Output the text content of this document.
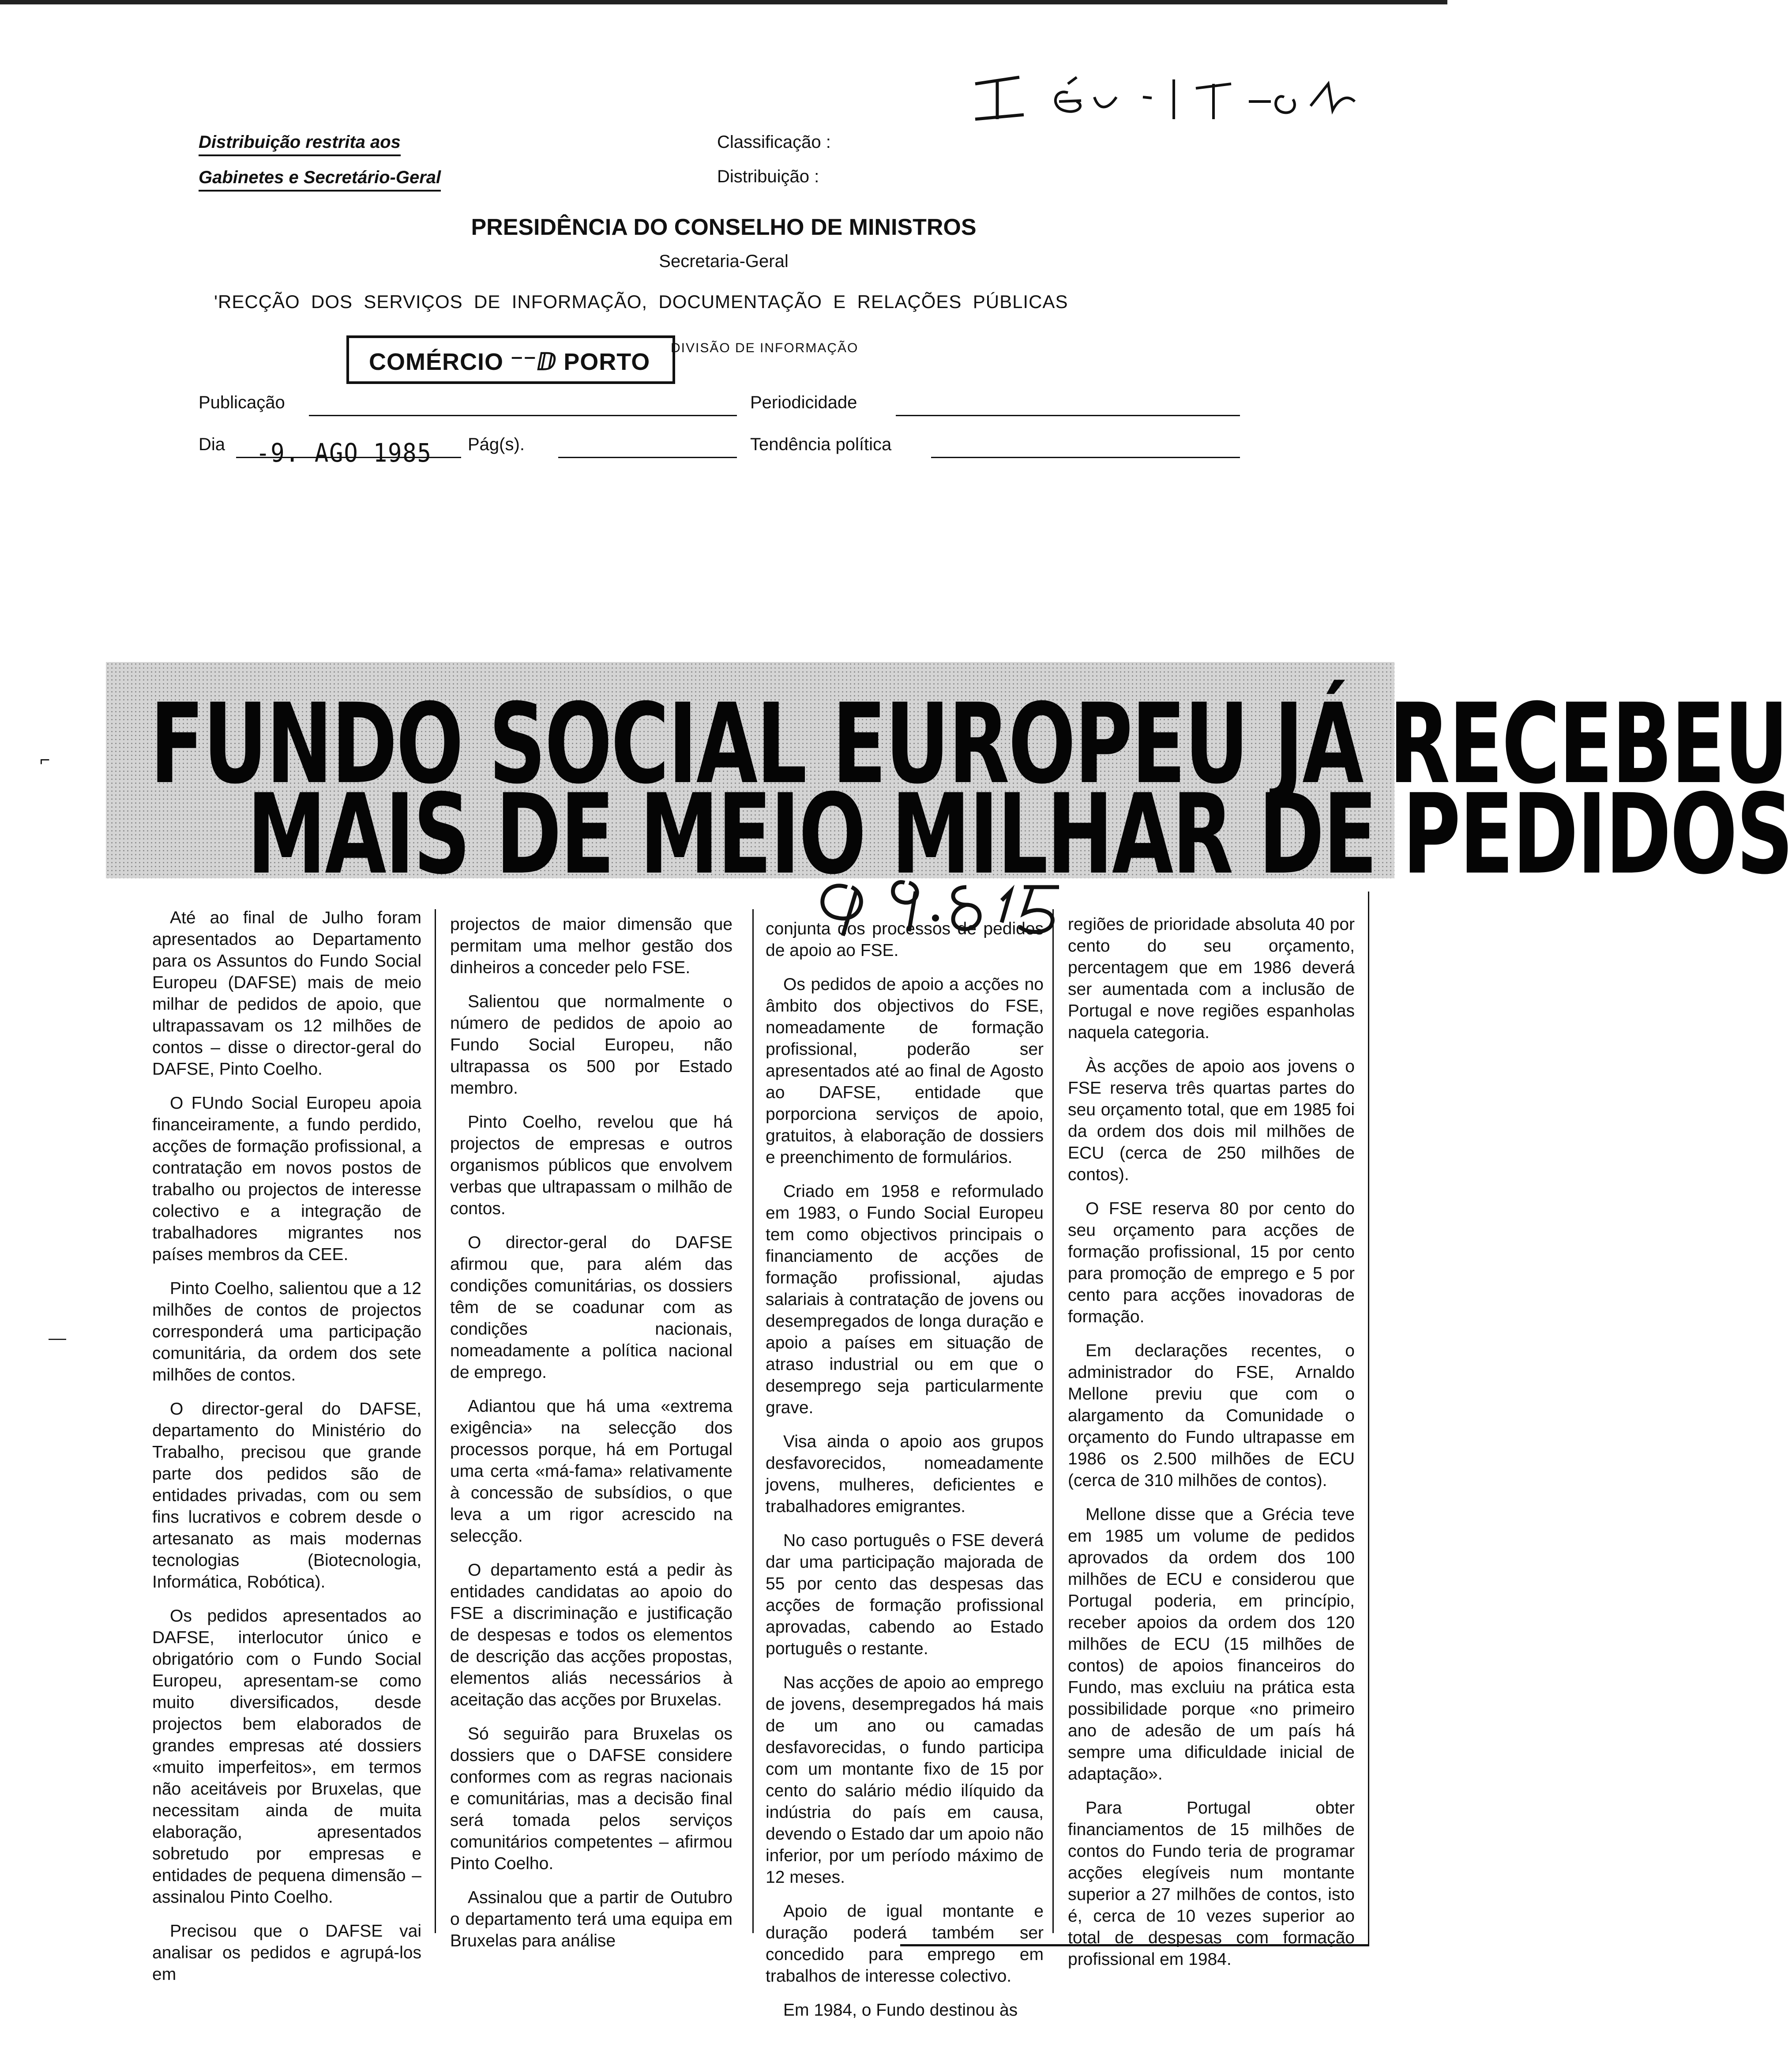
Distribuição restrita aos
Gabinetes e Secretário-Geral
Classificação :
Distribuição :
PRESIDÊNCIA DO CONSELHO DE MINISTROS
Secretaria-Geral
'RECÇÃO  DOS  SERVIÇOS  DE  INFORMAÇÃO,  DOCUMENTAÇÃO  E  RELAÇÕES  PÚBLICAS
COMÉRCIO ⁻⁻ⅅ PORTO
DIVISÃO DE INFORMAÇÃO
Publicação	Periodicidade
Dia -9. AGO 1985 Pág(s).	Tendência política
⌐
—
FUNDO SOCIAL EUROPEU JÁ RECEBEU
MAIS DE MEIO MILHAR DE PEDIDOS

Até ao final de Julho foram apresentados ao Departamento para os Assuntos do Fundo Social Europeu (DAFSE) mais de meio milhar de pedidos de apoio, que ultrapassavam os 12 milhões de contos – disse o director-geral do DAFSE, Pinto Coelho.

O FUndo Social Europeu apoia financeiramente, a fundo perdido, acções de formação profissional, a contratação em novos postos de trabalho ou projectos de interesse colectivo e a integração de trabalhadores migrantes nos países membros da CEE.

Pinto Coelho, salientou que a 12 milhões de contos de projectos corresponderá uma participação comunitária, da ordem dos sete milhões de contos.

O director-geral do DAFSE, departamento do Ministério do Trabalho, precisou que grande parte dos pedidos são de entidades privadas, com ou sem fins lucrativos e cobrem desde o artesanato as mais modernas tecnologias (Biotecnologia, Informática, Robótica).

Os pedidos apresentados ao DAFSE, interlocutor único e obrigatório com o Fundo Social Europeu, apresentam-se como muito diversificados, desde projectos bem elaborados de grandes empresas até dossiers «muito imperfeitos», em termos não aceitáveis por Bruxelas, que necessitam ainda de muita elaboração, apresentados sobretudo por empresas e entidades de pequena dimensão – assinalou Pinto Coelho.

Precisou que o DAFSE vai analisar os pedidos e agrupá-los em

projectos de maior dimensão que permitam uma melhor gestão dos dinheiros a conceder pelo FSE.

Salientou que normalmente o número de pedidos de apoio ao Fundo Social Europeu, não ultrapassa os 500 por Estado membro.

Pinto Coelho, revelou que há projectos de empresas e outros organismos públicos que envolvem verbas que ultrapassam o milhão de contos.

O director-geral do DAFSE afirmou que, para além das condições comunitárias, os dossiers têm de se coadunar com as condições nacionais, nomeadamente a política nacional de emprego.

Adiantou que há uma «extrema exigência» na selecção dos processos porque, há em Portugal uma certa «má-fama» relativamente à concessão de subsídios, o que leva a um rigor acrescido na selecção.

O departamento está a pedir às entidades candidatas ao apoio do FSE a discriminação e justificação de despesas e todos os elementos de descrição das acções propostas, elementos aliás necessários à aceitação das acções por Bruxelas.

Só seguirão para Bruxelas os dossiers que o DAFSE considere conformes com as regras nacionais e comunitárias, mas a decisão final será tomada pelos serviços comunitários competentes – afirmou Pinto Coelho.

Assinalou que a partir de Outubro o departamento terá uma equipa em Bruxelas para análise

conjunta dos processos de pedidos de apoio ao FSE.

Os pedidos de apoio a acções no âmbito dos objectivos do FSE, nomeadamente de formação profissional, poderão ser apresentados até ao final de Agosto ao DAFSE, entidade que porporciona serviços de apoio, gratuitos, à elaboração de dossiers e preenchimento de formulários.

Criado em 1958 e reformulado em 1983, o Fundo Social Europeu tem como objectivos principais o financiamento de acções de formação profissional, ajudas salariais à contratação de jovens ou desempregados de longa duração e apoio a países em situação de atraso industrial ou em que o desemprego seja particularmente grave.

Visa ainda o apoio aos grupos desfavorecidos, nomeadamente jovens, mulheres, deficientes e trabalhadores emigrantes.

No caso português o FSE deverá dar uma participação majorada de 55 por cento das despesas das acções de formação profissional aprovadas, cabendo ao Estado português o restante.

Nas acções de apoio ao emprego de jovens, desempregados há mais de um ano ou camadas desfavorecidas, o fundo participa com um montante fixo de 15 por cento do salário médio ilíquido da indústria do país em causa, devendo o Estado dar um apoio não inferior, por um período máximo de 12 meses.

Apoio de igual montante e duração poderá também ser concedido para emprego em trabalhos de interesse colectivo.

Em 1984, o Fundo destinou às

regiões de prioridade absoluta 40 por cento do seu orçamento, percentagem que em 1986 deverá ser aumentada com a inclusão de Portugal e nove regiões espanholas naquela categoria.

Às acções de apoio aos jovens o FSE reserva três quartas partes do seu orçamento total, que em 1985 foi da ordem dos dois mil milhões de ECU (cerca de 250 milhões de contos).

O FSE reserva 80 por cento do seu orçamento para acções de formação profissional, 15 por cento para promoção de emprego e 5 por cento para acções inovadoras de formação.

Em declarações recentes, o administrador do FSE, Arnaldo Mellone previu que com o alargamento da Comunidade o orçamento do Fundo ultrapasse em 1986 os 2.500 milhões de ECU (cerca de 310 milhões de contos).

Mellone disse que a Grécia teve em 1985 um volume de pedidos aprovados da ordem dos 100 milhões de ECU e considerou que Portugal poderia, em princípio, receber apoios da ordem dos 120 milhões de ECU (15 milhões de contos) de apoios financeiros do Fundo, mas excluiu na prática esta possibilidade porque «no primeiro ano de adesão de um país há sempre uma dificuldade inicial de adaptação».

Para Portugal obter financiamentos de 15 milhões de contos do Fundo teria de programar acções elegíveis num montante superior a 27 milhões de contos, isto é, cerca de 10 vezes superior ao total de despesas com formação profissional em 1984.
